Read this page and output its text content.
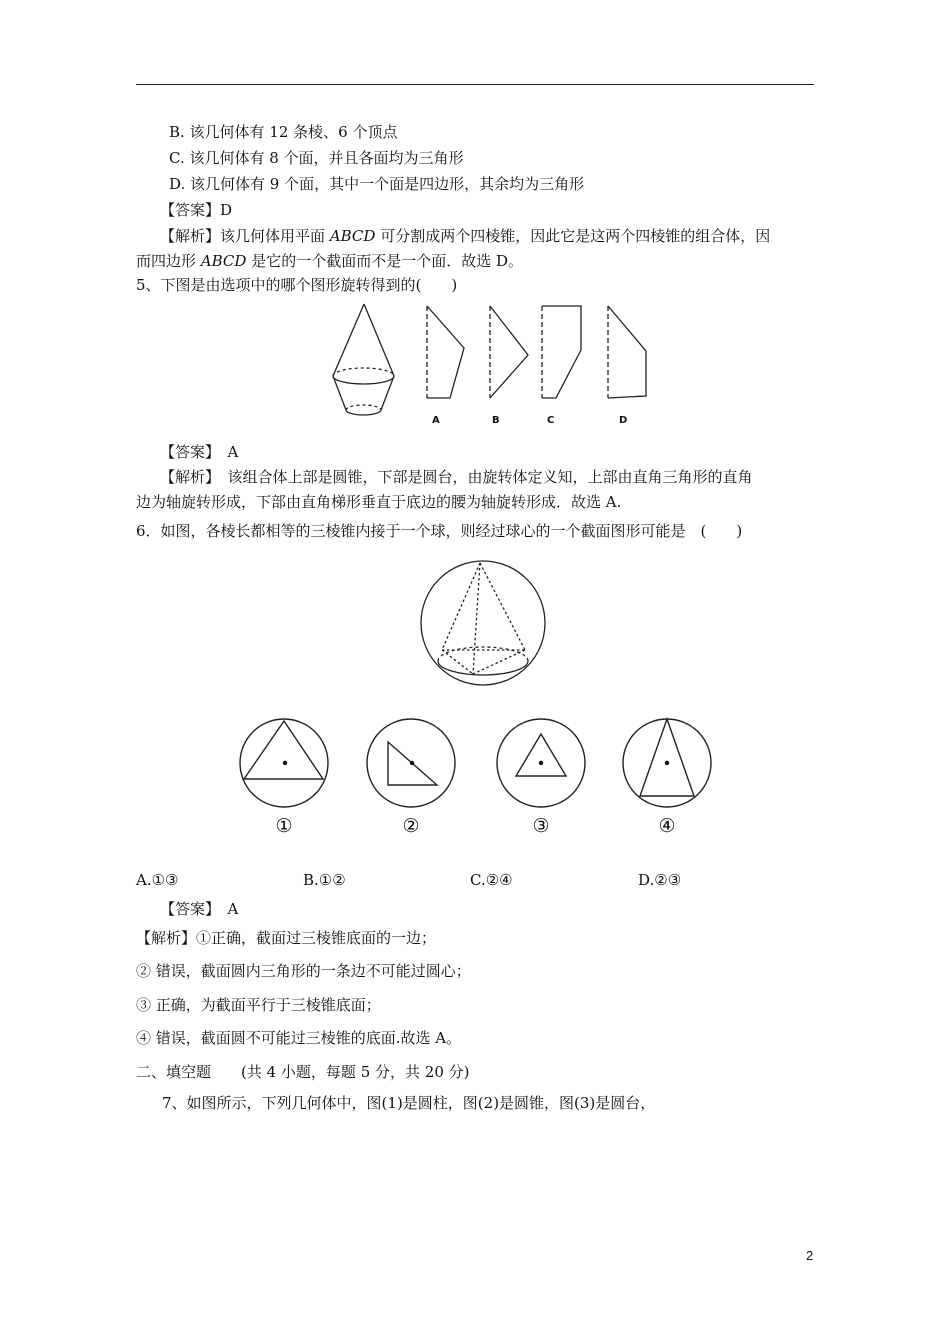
B. 该几何体有 12 条棱、6 个顶点
C. 该几何体有 8 个面，并且各面均为三角形
D. 该几何体有 9 个面，其中一个面是四边形，其余均为三角形
【答案】D
【解析】该几何体用平面 ABCD 可分割成两个四棱锥，因此它是这两个四棱锥的组合体，因
而四边形 ABCD 是它的一个截面而不是一个面．故选 D。
5、下图是由选项中的哪个图形旋转得到的(　　)
A	B	C	D
【答案】　A
【解析】　该组合体上部是圆锥，下部是圆台，由旋转体定义知，上部由直角三角形的直角
边为轴旋转形成，下部由直角梯形垂直于底边的腰为轴旋转形成．故选 A.
6．如图，各棱长都相等的三棱锥内接于一个球，则经过球心的一个截面图形可能是　(　　)
①	②	③	④
A.①③	B.①②	C.②④	D.②③
【答案】　A
【解析】①正确，截面过三棱锥底面的一边；
② 错误，截面圆内三角形的一条边不可能过圆心；
③ 正确，为截面平行于三棱锥底面；
④ 错误，截面圆不可能过三棱锥的底面.故选 A。
二、填空题　　(共 4 小题，每题 5 分，共 20 分)
7、如图所示，下列几何体中，图(1)是圆柱，图(2)是圆锥，图(3)是圆台，
2
